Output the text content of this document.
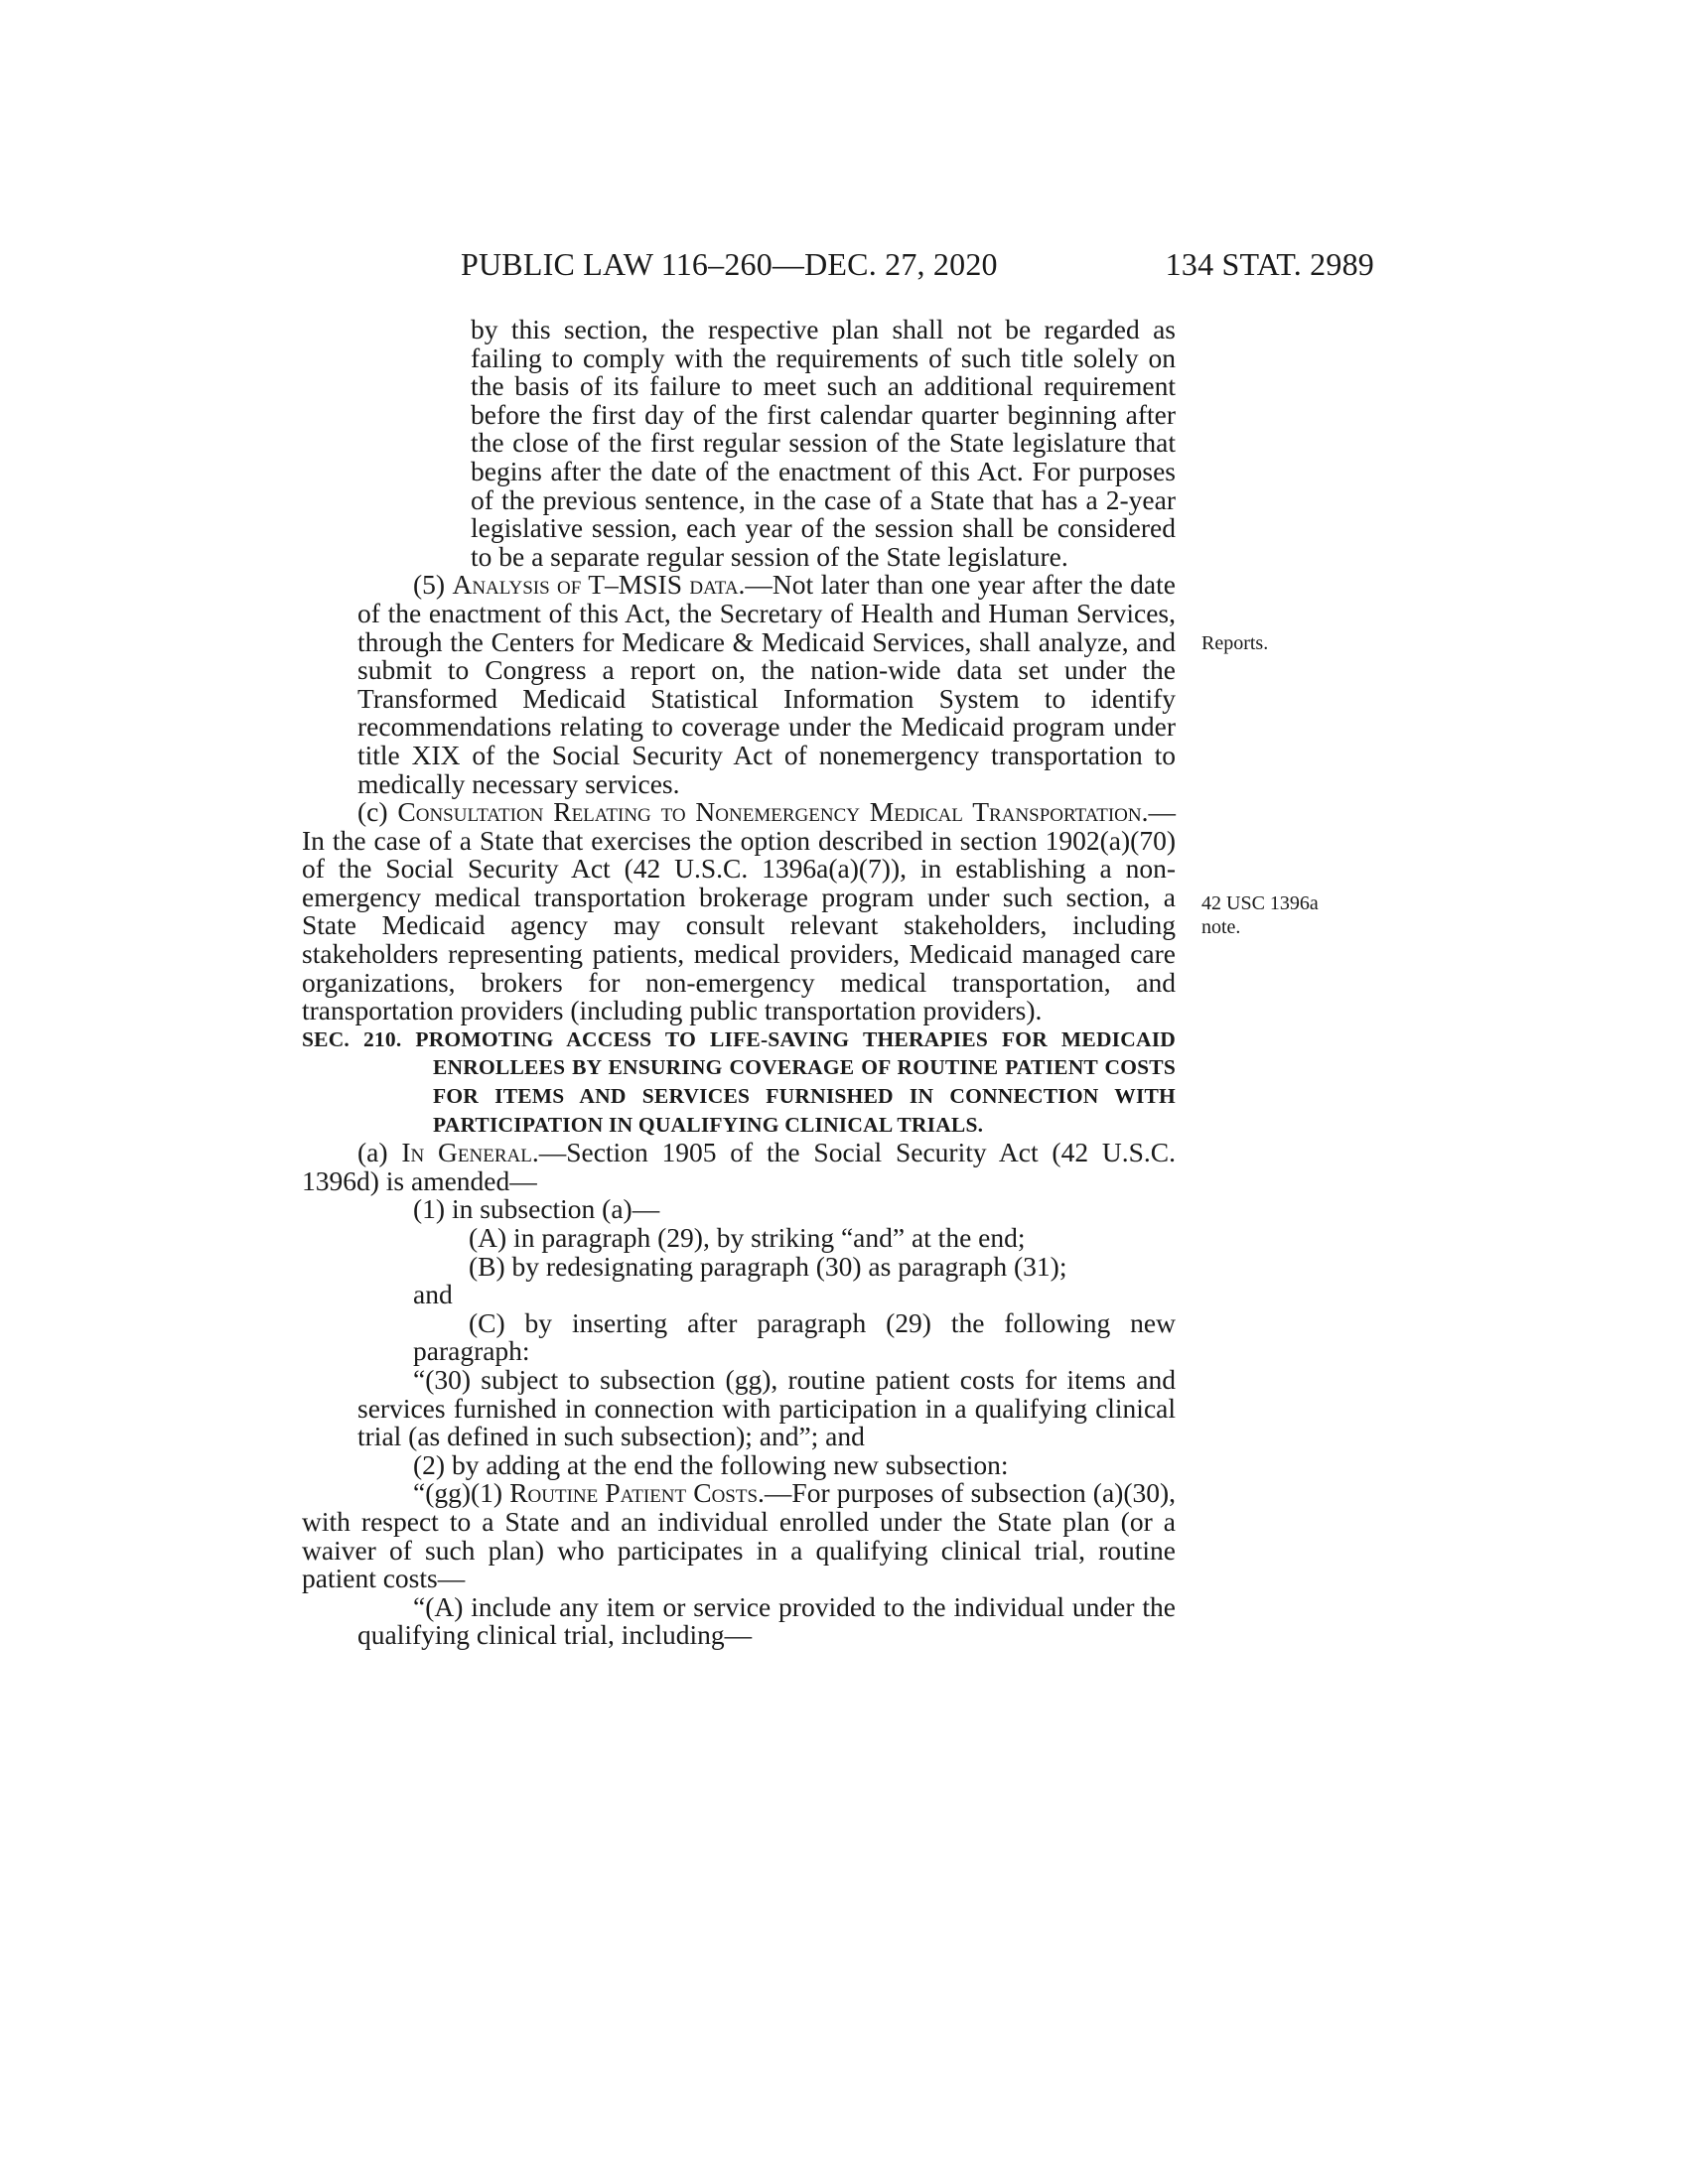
PUBLIC LAW 116–260—DEC. 27, 2020	134 STAT. 2989
Reports.
42 USC 1396a
note.

by this section, the respective plan shall not be regarded as failing to comply with the requirements of such title solely on the basis of its failure to meet such an additional requirement before the first day of the first calendar quarter beginning after the close of the first regular session of the State legislature that begins after the date of the enactment of this Act. For purposes of the previous sentence, in the case of a State that has a 2-year legislative session, each year of the session shall be considered to be a separate regular session of the State legislature.

(5) Analysis of T–MSIS data.—Not later than one year after the date of the enactment of this Act, the Secretary of Health and Human Services, through the Centers for Medicare & Medicaid Services, shall analyze, and submit to Congress a report on, the nation-wide data set under the Transformed Medicaid Statistical Information System to identify recommendations relating to coverage under the Medicaid program under title XIX of the Social Security Act of nonemergency transportation to medically necessary services.

(c) Consultation Relating to Nonemergency Medical Transportation.—In the case of a State that exercises the option described in section 1902(a)(70) of the Social Security Act (42 U.S.C. 1396a(a)(7)), in establishing a non-emergency medical transportation brokerage program under such section, a State Medicaid agency may consult relevant stakeholders, including stakeholders representing patients, medical providers, Medicaid managed care organizations, brokers for non-emergency medical transportation, and transportation providers (including public transportation providers).

SEC. 210. PROMOTING ACCESS TO LIFE-SAVING THERAPIES FOR MEDICAID ENROLLEES BY ENSURING COVERAGE OF ROUTINE PATIENT COSTS FOR ITEMS AND SERVICES FURNISHED IN CONNECTION WITH PARTICIPATION IN QUALIFYING CLINICAL TRIALS.

(a) In General.—Section 1905 of the Social Security Act (42 U.S.C. 1396d) is amended—

(1) in subsection (a)—

(A) in paragraph (29), by striking “and” at the end;

(B) by redesignating paragraph (30) as paragraph (31);

and

(C) by inserting after paragraph (29) the following new paragraph:

“(30) subject to subsection (gg), routine patient costs for items and services furnished in connection with participation in a qualifying clinical trial (as defined in such subsection); and”; and

(2) by adding at the end the following new subsection:

“(gg)(1) Routine Patient Costs.—For purposes of subsection (a)(30), with respect to a State and an individual enrolled under the State plan (or a waiver of such plan) who participates in a qualifying clinical trial, routine patient costs—

“(A) include any item or service provided to the individual under the qualifying clinical trial, including—
